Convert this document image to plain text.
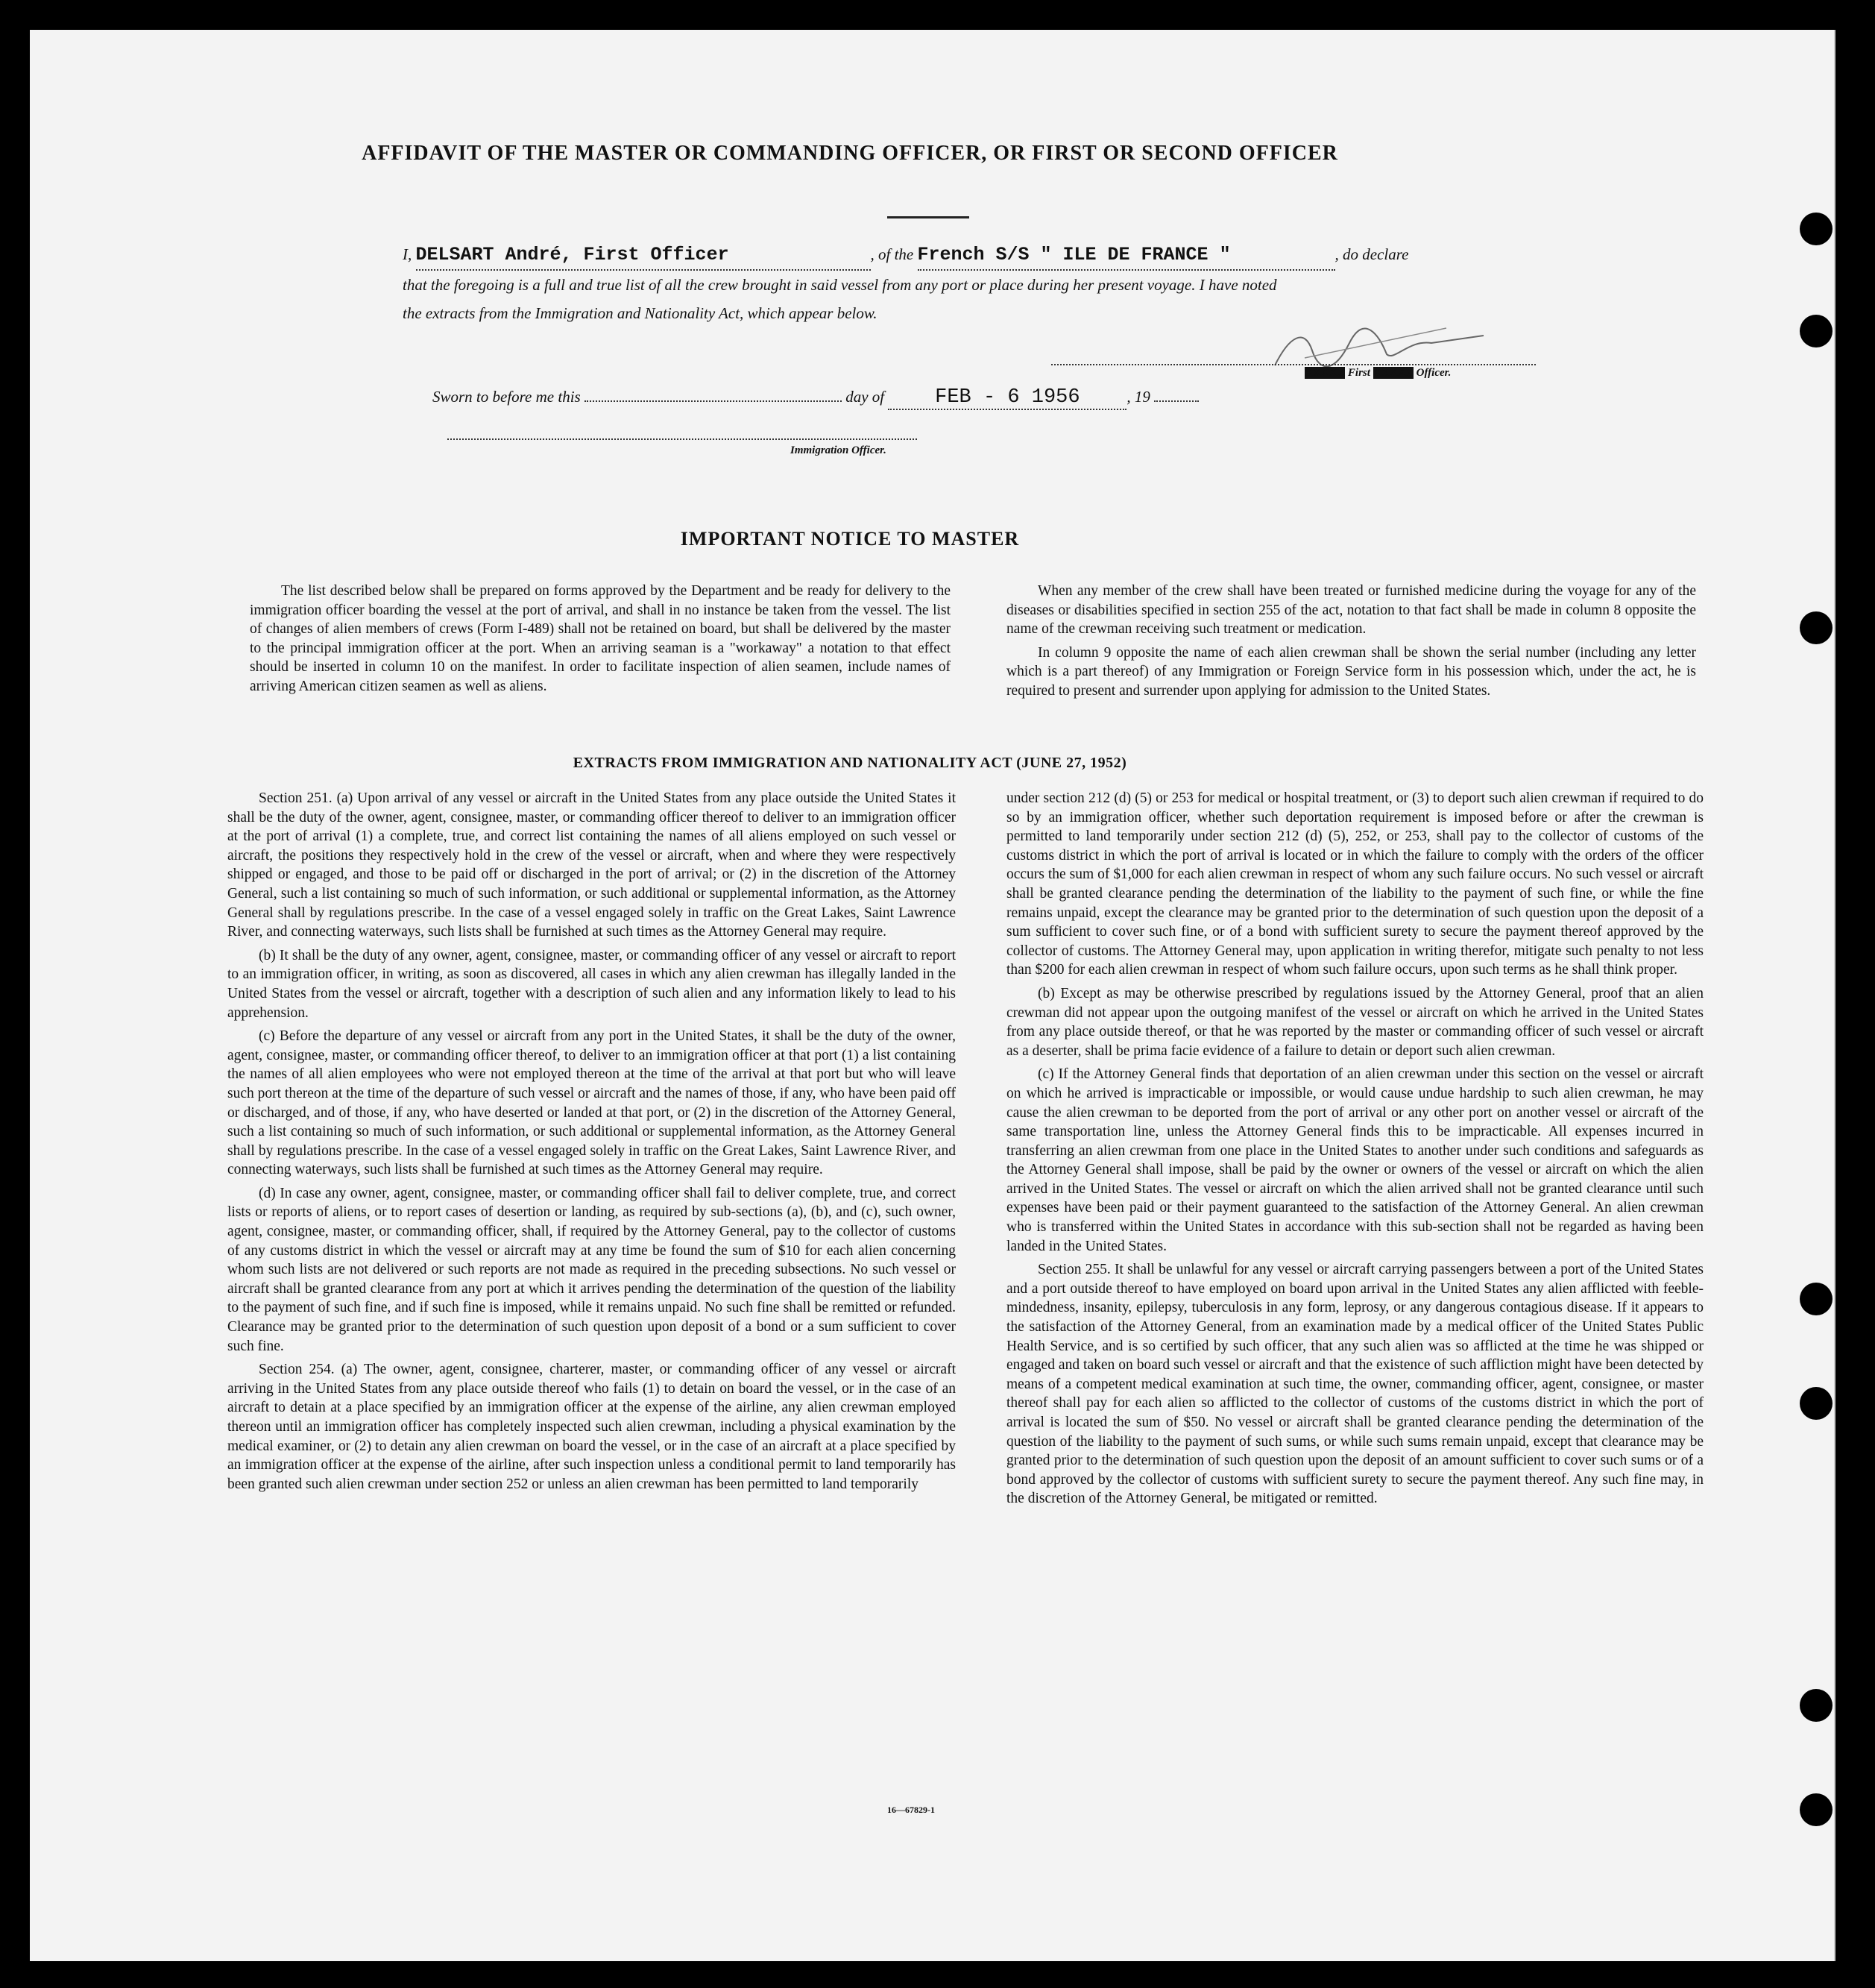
AFFIDAVIT OF THE MASTER OR COMMANDING OFFICER, OR FIRST OR SECOND OFFICER
I, DELSART André, First Officer	, of the French S/S " ILE DE FRANCE "	, do declare
that the foregoing is a full and true list of all the crew brought in said vessel from any port or place during her present voyage. I have noted
the extracts from the Immigration and Nationality Act, which appear below.
XXXXX First XXXXX Officer.
Sworn to before me this	day of	FEB - 6 1956	, 19
Immigration Officer.
IMPORTANT NOTICE TO MASTER

The list described below shall be prepared on forms approved by the Department and be ready for delivery to the immigration officer boarding the vessel at the port of arrival, and shall in no instance be taken from the vessel. The list of changes of alien members of crews (Form I-489) shall not be retained on board, but shall be delivered by the master to the principal immigration officer at the port. When an arriving seaman is a "workaway" a notation to that effect should be inserted in column 10 on the manifest. In order to facilitate inspection of alien seamen, include names of arriving American citizen seamen as well as aliens.

When any member of the crew shall have been treated or furnished medicine during the voyage for any of the diseases or disabilities specified in section 255 of the act, notation to that fact shall be made in column 8 opposite the name of the crewman receiving such treatment or medication.

In column 9 opposite the name of each alien crewman shall be shown the serial number (including any letter which is a part thereof) of any Immigration or Foreign Service form in his possession which, under the act, he is required to present and surrender upon applying for admission to the United States.

EXTRACTS FROM IMMIGRATION AND NATIONALITY ACT (JUNE 27, 1952)

Section 251. (a) Upon arrival of any vessel or aircraft in the United States from any place outside the United States it shall be the duty of the owner, agent, consignee, master, or commanding officer thereof to deliver to an immigration officer at the port of arrival (1) a complete, true, and correct list containing the names of all aliens employed on such vessel or aircraft, the positions they respectively hold in the crew of the vessel or aircraft, when and where they were respectively shipped or engaged, and those to be paid off or discharged in the port of arrival; or (2) in the discretion of the Attorney General, such a list containing so much of such information, or such additional or supplemental information, as the Attorney General shall by regulations prescribe. In the case of a vessel engaged solely in traffic on the Great Lakes, Saint Lawrence River, and connecting waterways, such lists shall be furnished at such times as the Attorney General may require.

(b) It shall be the duty of any owner, agent, consignee, master, or commanding officer of any vessel or aircraft to report to an immigration officer, in writing, as soon as discovered, all cases in which any alien crewman has illegally landed in the United States from the vessel or aircraft, together with a description of such alien and any information likely to lead to his apprehension.

(c) Before the departure of any vessel or aircraft from any port in the United States, it shall be the duty of the owner, agent, consignee, master, or commanding officer thereof, to deliver to an immigration officer at that port (1) a list containing the names of all alien employees who were not employed thereon at the time of the arrival at that port but who will leave such port thereon at the time of the departure of such vessel or aircraft and the names of those, if any, who have been paid off or discharged, and of those, if any, who have deserted or landed at that port, or (2) in the discretion of the Attorney General, such a list containing so much of such information, or such additional or supplemental information, as the Attorney General shall by regulations prescribe. In the case of a vessel engaged solely in traffic on the Great Lakes, Saint Lawrence River, and connecting waterways, such lists shall be furnished at such times as the Attorney General may require.

(d) In case any owner, agent, consignee, master, or commanding officer shall fail to deliver complete, true, and correct lists or reports of aliens, or to report cases of desertion or landing, as required by sub-sections (a), (b), and (c), such owner, agent, consignee, master, or commanding officer, shall, if required by the Attorney General, pay to the collector of customs of any customs district in which the vessel or aircraft may at any time be found the sum of $10 for each alien concerning whom such lists are not delivered or such reports are not made as required in the preceding subsections. No such vessel or aircraft shall be granted clearance from any port at which it arrives pending the determination of the question of the liability to the payment of such fine, and if such fine is imposed, while it remains unpaid. No such fine shall be remitted or refunded. Clearance may be granted prior to the determination of such question upon deposit of a bond or a sum sufficient to cover such fine.

Section 254. (a) The owner, agent, consignee, charterer, master, or commanding officer of any vessel or aircraft arriving in the United States from any place outside thereof who fails (1) to detain on board the vessel, or in the case of an aircraft to detain at a place specified by an immigration officer at the expense of the airline, any alien crewman employed thereon until an immigration officer has completely inspected such alien crewman, including a physical examination by the medical examiner, or (2) to detain any alien crewman on board the vessel, or in the case of an aircraft at a place specified by an immigration officer at the expense of the airline, after such inspection unless a conditional permit to land temporarily has been granted such alien crewman under section 252 or unless an alien crewman has been permitted to land temporarily

under section 212 (d) (5) or 253 for medical or hospital treatment, or (3) to deport such alien crewman if required to do so by an immigration officer, whether such deportation requirement is imposed before or after the crewman is permitted to land temporarily under section 212 (d) (5), 252, or 253, shall pay to the collector of customs of the customs district in which the port of arrival is located or in which the failure to comply with the orders of the officer occurs the sum of $1,000 for each alien crewman in respect of whom any such failure occurs. No such vessel or aircraft shall be granted clearance pending the determination of the liability to the payment of such fine, or while the fine remains unpaid, except the clearance may be granted prior to the determination of such question upon the deposit of a sum sufficient to cover such fine, or of a bond with sufficient surety to secure the payment thereof approved by the collector of customs. The Attorney General may, upon application in writing therefor, mitigate such penalty to not less than $200 for each alien crewman in respect of whom such failure occurs, upon such terms as he shall think proper.

(b) Except as may be otherwise prescribed by regulations issued by the Attorney General, proof that an alien crewman did not appear upon the outgoing manifest of the vessel or aircraft on which he arrived in the United States from any place outside thereof, or that he was reported by the master or commanding officer of such vessel or aircraft as a deserter, shall be prima facie evidence of a failure to detain or deport such alien crewman.

(c) If the Attorney General finds that deportation of an alien crewman under this section on the vessel or aircraft on which he arrived is impracticable or impossible, or would cause undue hardship to such alien crewman, he may cause the alien crewman to be deported from the port of arrival or any other port on another vessel or aircraft of the same transportation line, unless the Attorney General finds this to be impracticable. All expenses incurred in transferring an alien crewman from one place in the United States to another under such conditions and safeguards as the Attorney General shall impose, shall be paid by the owner or owners of the vessel or aircraft on which the alien arrived in the United States. The vessel or aircraft on which the alien arrived shall not be granted clearance until such expenses have been paid or their payment guaranteed to the satisfaction of the Attorney General. An alien crewman who is transferred within the United States in accordance with this sub-section shall not be regarded as having been landed in the United States.

Section 255. It shall be unlawful for any vessel or aircraft carrying passengers between a port of the United States and a port outside thereof to have employed on board upon arrival in the United States any alien afflicted with feeble-mindedness, insanity, epilepsy, tuberculosis in any form, leprosy, or any dangerous contagious disease. If it appears to the satisfaction of the Attorney General, from an examination made by a medical officer of the United States Public Health Service, and is so certified by such officer, that any such alien was so afflicted at the time he was shipped or engaged and taken on board such vessel or aircraft and that the existence of such affliction might have been detected by means of a competent medical examination at such time, the owner, commanding officer, agent, consignee, or master thereof shall pay for each alien so afflicted to the collector of customs of the customs district in which the port of arrival is located the sum of $50. No vessel or aircraft shall be granted clearance pending the determination of the question of the liability to the payment of such sums, or while such sums remain unpaid, except that clearance may be granted prior to the determination of such question upon the deposit of an amount sufficient to cover such sums or of a bond approved by the collector of customs with sufficient surety to secure the payment thereof. Any such fine may, in the discretion of the Attorney General, be mitigated or remitted.

16—67829-1
